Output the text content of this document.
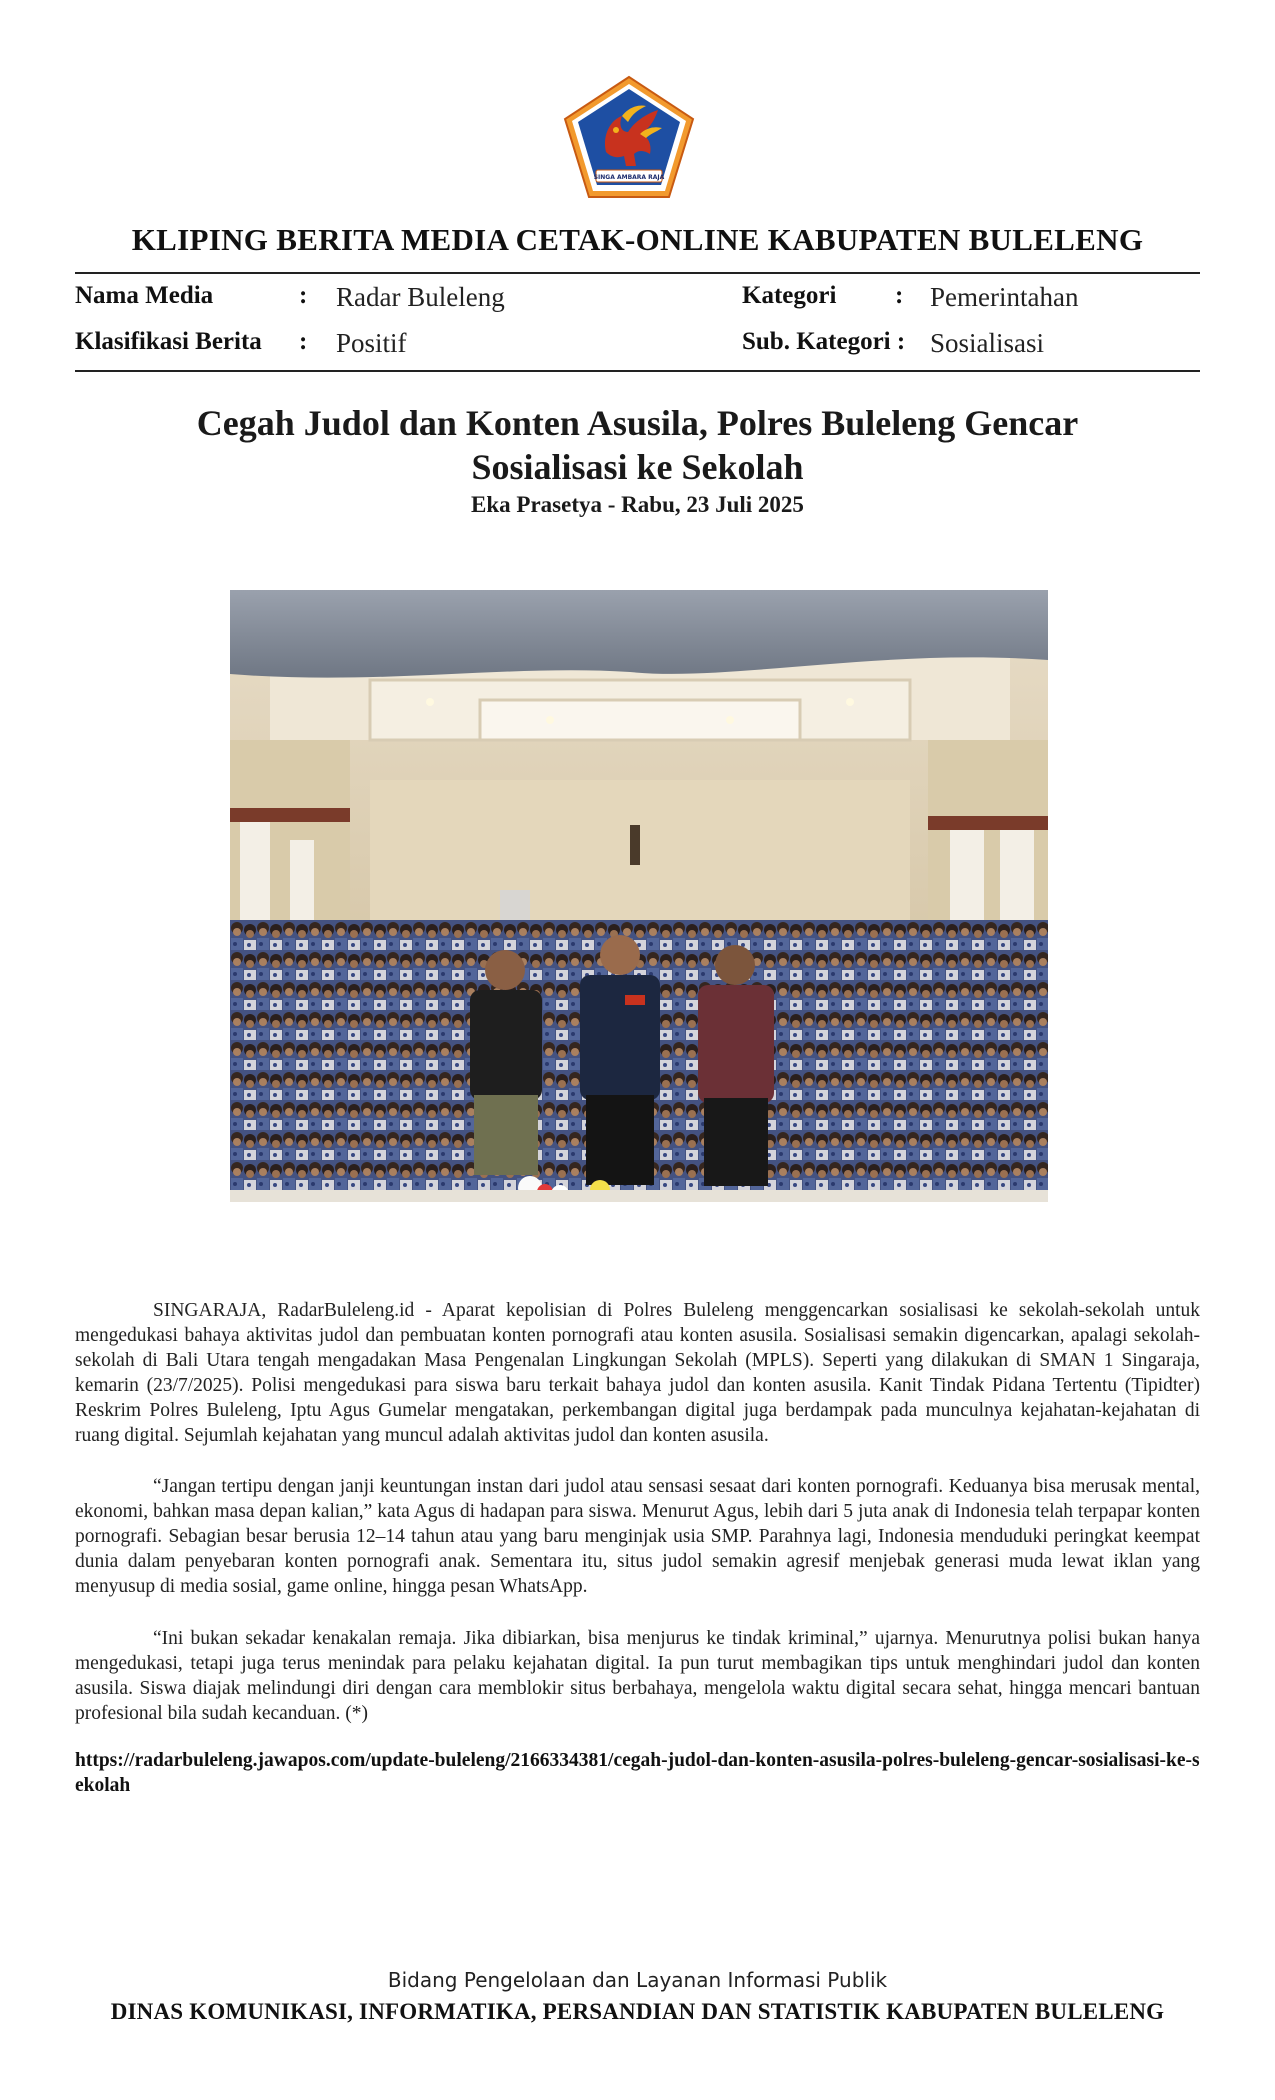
SINGA AMBARA RAJA
KLIPING BERITA MEDIA CETAK-ONLINE KABUPATEN BULELENG
Nama Media	: Radar Buleleng	Kategori : Pemerintahan
Klasifikasi Berita : Positif	Sub. Kategori : Sosialisasi
Cegah Judol dan Konten Asusila, Polres Buleleng Gencar
Sosialisasi ke Sekolah
Eka Prasetya - Rabu, 23 Juli 2025

SINGARAJA, RadarBuleleng.id - Aparat kepolisian di Polres Buleleng menggencarkan sosialisasi ke sekolah-sekolah untuk mengedukasi bahaya aktivitas judol dan pembuatan konten pornografi atau konten asusila. Sosialisasi semakin digencarkan, apalagi sekolah-sekolah di Bali Utara tengah mengadakan Masa Pengenalan Lingkungan Sekolah (MPLS). Seperti yang dilakukan di SMAN 1 Singaraja, kemarin (23/7/2025). Polisi mengedukasi para siswa baru terkait bahaya judol dan konten asusila. Kanit Tindak Pidana Tertentu (Tipidter) Reskrim Polres Buleleng, Iptu Agus Gumelar mengatakan, perkembangan digital juga berdampak pada munculnya kejahatan-kejahatan di ruang digital. Sejumlah kejahatan yang muncul adalah aktivitas judol dan konten asusila.

“Jangan tertipu dengan janji keuntungan instan dari judol atau sensasi sesaat dari konten pornografi. Keduanya bisa merusak mental, ekonomi, bahkan masa depan kalian,” kata Agus di hadapan para siswa. Menurut Agus, lebih dari 5 juta anak di Indonesia telah terpapar konten pornografi. Sebagian besar berusia 12–14 tahun atau yang baru menginjak usia SMP. Parahnya lagi, Indonesia menduduki peringkat keempat dunia dalam penyebaran konten pornografi anak. Sementara itu, situs judol semakin agresif menjebak generasi muda lewat iklan yang menyusup di media sosial, game online, hingga pesan WhatsApp.

“Ini bukan sekadar kenakalan remaja. Jika dibiarkan, bisa menjurus ke tindak kriminal,” ujarnya. Menurutnya polisi bukan hanya mengedukasi, tetapi juga terus menindak para pelaku kejahatan digital. Ia pun turut membagikan tips untuk menghindari judol dan konten asusila. Siswa diajak melindungi diri dengan cara memblokir situs berbahaya, mengelola waktu digital secara sehat, hingga mencari bantuan profesional bila sudah kecanduan. (*)

https://radarbuleleng.jawapos.com/update-buleleng/2166334381/cegah-judol-dan-konten-asusila-polres-buleleng-gencar-sosialisasi-ke-sekolah
Bidang Pengelolaan dan Layanan Informasi Publik
DINAS KOMUNIKASI, INFORMATIKA, PERSANDIAN DAN STATISTIK KABUPATEN BULELENG
